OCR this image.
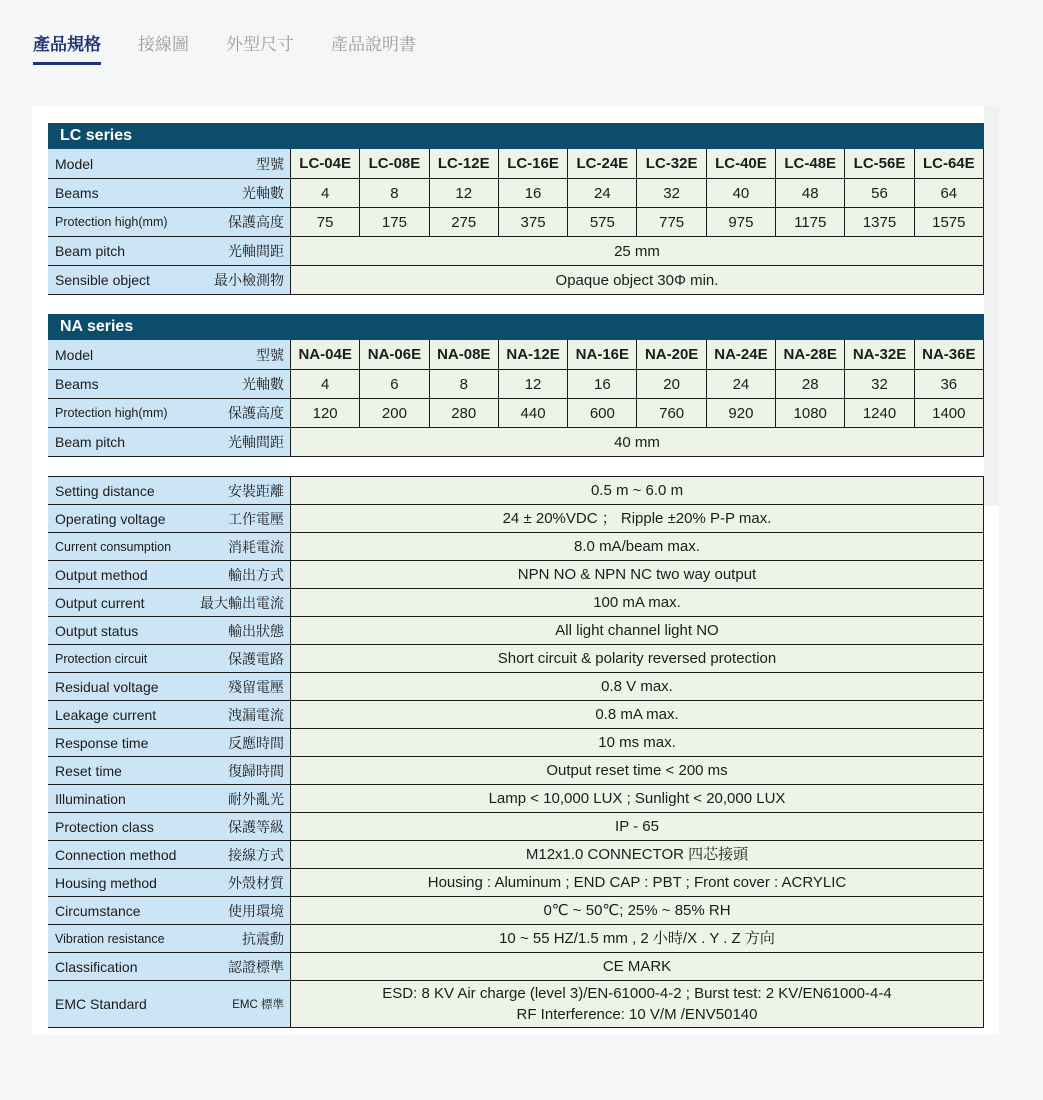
產品規格 接線圖 外型尺寸 產品說明書
LC series
Model	型號	LC-04E	LC-08E	LC-12E	LC-16E	LC-24E	LC-32E	LC-40E	LC-48E	LC-56E	LC-64E
Beams	光軸數	4	8	12	16	24	32	40	48	56	64
Protection high(mm)	保護高度	75	175	275	375	575	775	975	1175	1375	1575
Beam pitch	光軸間距	25 mm
Sensible object	最小檢測物	Opaque object 30Φ min.
NA series
Model	型號 NA-04E	NA-06E	NA-08E	NA-12E	NA-16E	NA-20E	NA-24E	NA-28E	NA-32E	NA-36E
Beams	光軸數	4	6	8	12	16	20	24	28	32	36
Protection high(mm)	保護高度	120	200	280	440	600	760	920	1080	1240	1400
Beam pitch	光軸間距	40 mm
Setting distance	安裝距離	0.5 m ~ 6.0 m
Operating voltage	工作電壓	24 ± 20%VDC ； Ripple ±20% P-P max.
Current consumption	消耗電流	8.0 mA/beam max.
Output method	輸出方式	NPN NO & NPN NC two way output
Output current	最大輸出電流	100 mA max.
Output status	輸出狀態	All light channel light NO
Protection circuit	保護電路	Short circuit & polarity reversed protection
Residual voltage	殘留電壓	0.8 V max.
Leakage current	洩漏電流	0.8 mA max.
Response time	反應時間	10 ms max.
Reset time	復歸時間	Output reset time < 200 ms
Illumination	耐外亂光	Lamp < 10,000 LUX ; Sunlight < 20,000 LUX
Protection class	保護等級	IP - 65
Connection method	接線方式	M12x1.0 CONNECTOR 四芯接頭
Housing method	外殼材質	Housing : Aluminum ; END CAP : PBT ; Front cover : ACRYLIC
Circumstance	使用環境	0℃ ~ 50℃; 25% ~ 85% RH
Vibration resistance	抗震動	10 ~ 55 HZ/1.5 mm , 2 小時/X . Y . Z 方向
Classification	認證標準	CE MARK
EMC Standard	EMC 標準
ESD: 8 KV Air charge (level 3)/EN-61000-4-2 ; Burst test: 2 KV/EN61000-4-4
RF Interference: 10 V/M /ENV50140
